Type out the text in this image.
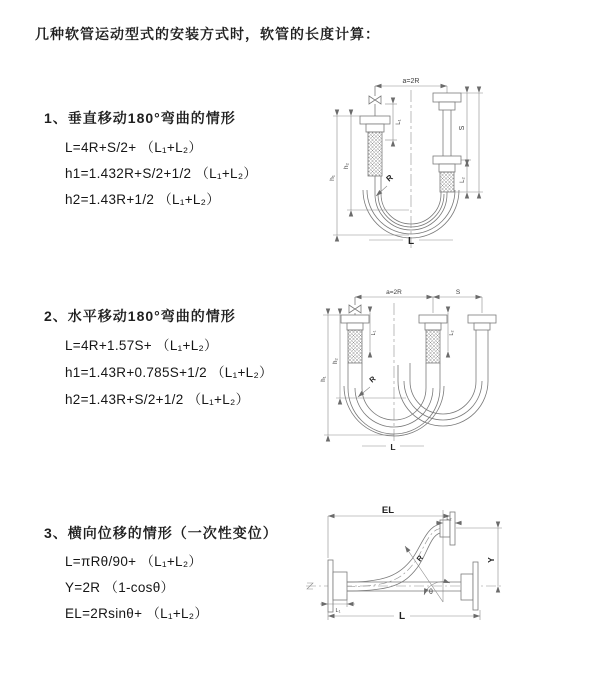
几种软管运动型式的安装方式时，软管的长度计算：
1、垂直移动180°弯曲的情形
L=4R+S/2+ （L₁+L₂）
h1=1.432R+S/2+1/2 （L₁+L₂）
h2=1.43R+1/2 （L₁+L₂）
2、水平移动180°弯曲的情形
L=4R+1.57S+ （L₁+L₂）
h1=1.43R+0.785S+1/2 （L₁+L₂）
h2=1.43R+S/2+1/2 （L₁+L₂）
3、横向位移的情形（一次性变位）
L=πRθ/90+ （L₁+L₂）
Y=2R （1-cosθ）
EL=2Rsinθ+ （L₁+L₂）
a=2R
h₁
h₂
L₁
S
L₂
R
L
a=2R	S
L₁	L₂
h₁
h₂
R
L
EL
L₂
Y
R
θ
L₁	L
